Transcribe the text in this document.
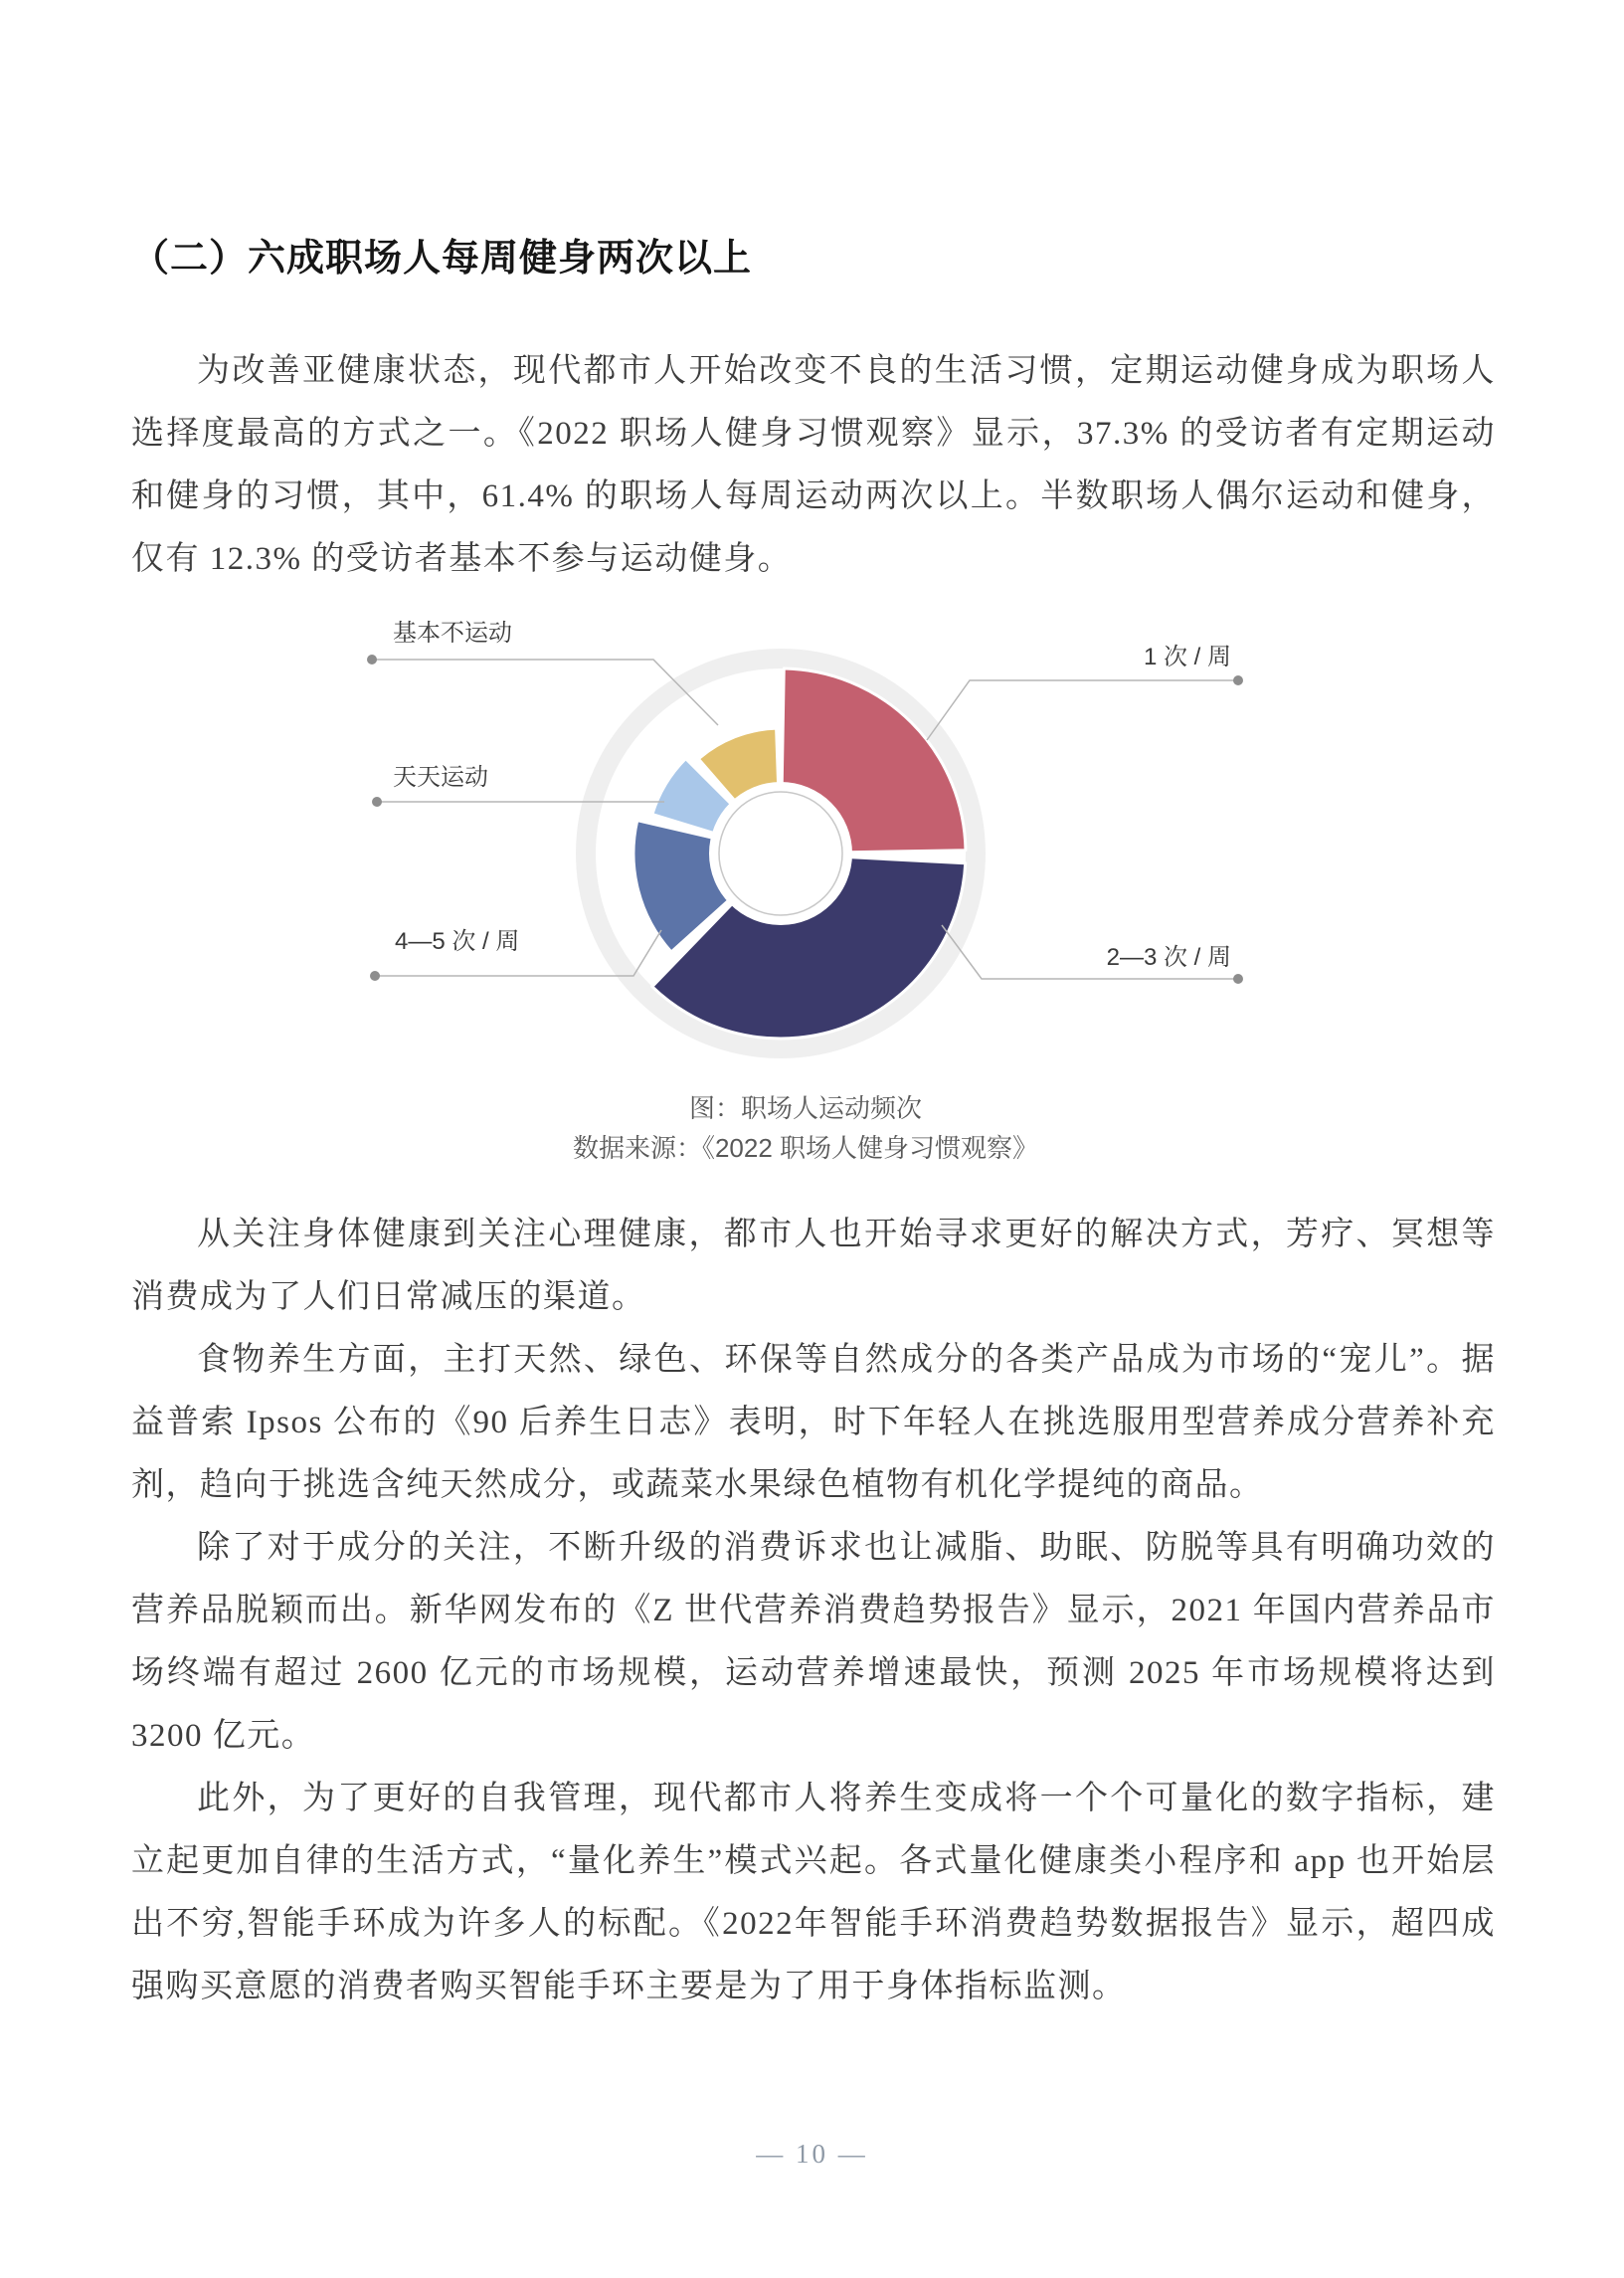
（二）六成职场人每周健身两次以上

为改善亚健康状态，现代都市人开始改变不良的生活习惯，定期运动健身成为职场人选择度最高的方式之一。《2022 职场人健身习惯观察》显示，37.3% 的受访者有定期运动和健身的习惯，其中，61.4% 的职场人每周运动两次以上。半数职场人偶尔运动和健身，仅有 12.3% 的受访者基本不参与运动健身。

基本不运动
天天运动
4—5 次 / 周
1 次 / 周
2—3 次 / 周
图：职场人运动频次
数据来源：《2022 职场人健身习惯观察》

从关注身体健康到关注心理健康，都市人也开始寻求更好的解决方式，芳疗、冥想等消费成为了人们日常减压的渠道。

食物养生方面，主打天然、绿色、环保等自然成分的各类产品成为市场的“宠儿”。据益普索 Ipsos 公布的《90 后养生日志》表明，时下年轻人在挑选服用型营养成分营养补充剂，趋向于挑选含纯天然成分，或蔬菜水果绿色植物有机化学提纯的商品。

除了对于成分的关注，不断升级的消费诉求也让减脂、助眠、防脱等具有明确功效的营养品脱颖而出。新华网发布的《Z 世代营养消费趋势报告》显示，2021 年国内营养品市场终端有超过 2600 亿元的市场规模，运动营养增速最快，预测 2025 年市场规模将达到 3200 亿元。

此外，为了更好的自我管理，现代都市人将养生变成将一个个可量化的数字指标，建立起更加自律的生活方式，“量化养生”模式兴起。各式量化健康类小程序和 app 也开始层出不穷,智能手环成为许多人的标配。《2022年智能手环消费趋势数据报告》显示，超四成强购买意愿的消费者购买智能手环主要是为了用于身体指标监测。

— 10 —
